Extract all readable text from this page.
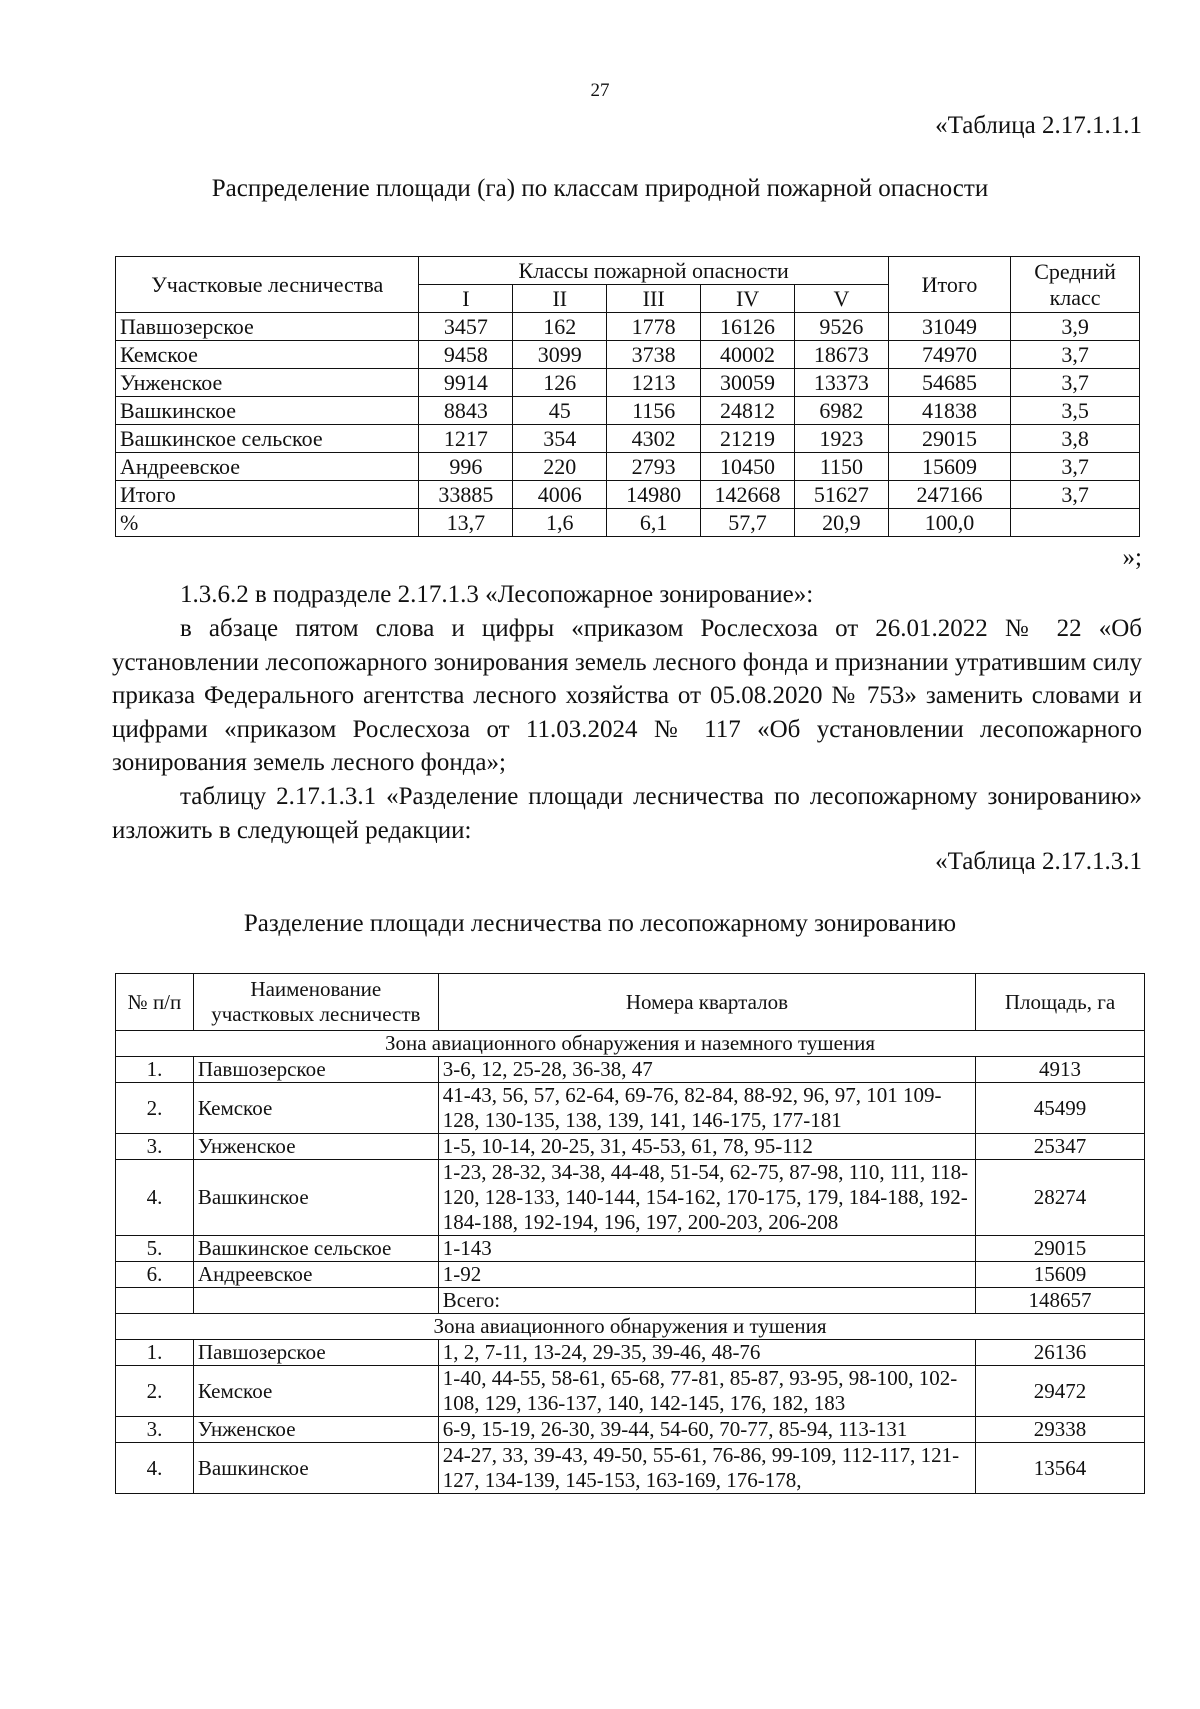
27
«Таблица 2.17.1.1.1
Распределение площади (га) по классам природной пожарной опасности
Участковые лесничества	Классы пожарной опасности					Итого	Средний класс
	I	II	III	IV	V		
Павшозерское	3457	162	1778	16126	9526	31049	3,9
Кемское	9458	3099	3738	40002	18673	74970	3,7
Унженское	9914	126	1213	30059	13373	54685	3,7
Вашкинское	8843	45	1156	24812	6982	41838	3,5
Вашкинское сельское	1217	354	4302	21219	1923	29015	3,8
Андреевское	996	220	2793	10450	1150	15609	3,7
Итого	33885	4006	14980	142668	51627	247166	3,7
%	13,7	1,6	6,1	57,7	20,9	100,0	
»;
1.3.6.2 в подразделе 2.17.1.3 «Лесопожарное зонирование»:
в абзаце пятом слова и цифры «приказом Рослесхоза от 26.01.2022 № 22 «Об установлении лесопожарного зонирования земель лесного фонда и признании утратившим силу приказа Федерального агентства лесного хозяйства от 05.08.2020 № 753» заменить словами и цифрами «приказом Рослесхоза от 11.03.2024 № 117 «Об установлении лесопожарного зонирования земель лесного фонда»;
таблицу 2.17.1.3.1 «Разделение площади лесничества по лесопожарному зонированию» изложить в следующей редакции:
«Таблица 2.17.1.3.1
Разделение площади лесничества по лесопожарному зонированию
№ п/п	Наименование участковых лесничеств	Номера кварталов	Площадь, га
Зона авиационного обнаружения и наземного тушения			
1.	Павшозерское	3-6, 12, 25-28, 36-38, 47	4913
2.	Кемское	41-43, 56, 57, 62-64, 69-76, 82-84, 88-92, 96, 97, 101 109-128, 130-135, 138, 139, 141, 146-175, 177-181	45499
3.	Унженское	1-5, 10-14, 20-25, 31, 45-53, 61, 78, 95-112	25347
4.	Вашкинское	1-23, 28-32, 34-38, 44-48, 51-54, 62-75, 87-98, 110, 111, 118-120, 128-133, 140-144, 154-162, 170-175, 179, 184-188, 192-184-188, 192-194, 196, 197, 200-203, 206-208	28274
5.	Вашкинское сельское	1-143	29015
6.	Андреевское	1-92	15609
		Всего:	148657
Зона авиационного обнаружения и тушения			
1.	Павшозерское	1, 2, 7-11, 13-24, 29-35, 39-46, 48-76	26136
2.	Кемское	1-40, 44-55, 58-61, 65-68, 77-81, 85-87, 93-95, 98-100, 102-108, 129, 136-137, 140, 142-145, 176, 182, 183	29472
3.	Унженское	6-9, 15-19, 26-30, 39-44, 54-60, 70-77, 85-94, 113-131	29338
4.	Вашкинское	24-27, 33, 39-43, 49-50, 55-61, 76-86, 99-109, 112-117, 121-127, 134-139, 145-153, 163-169, 176-178,	13564
